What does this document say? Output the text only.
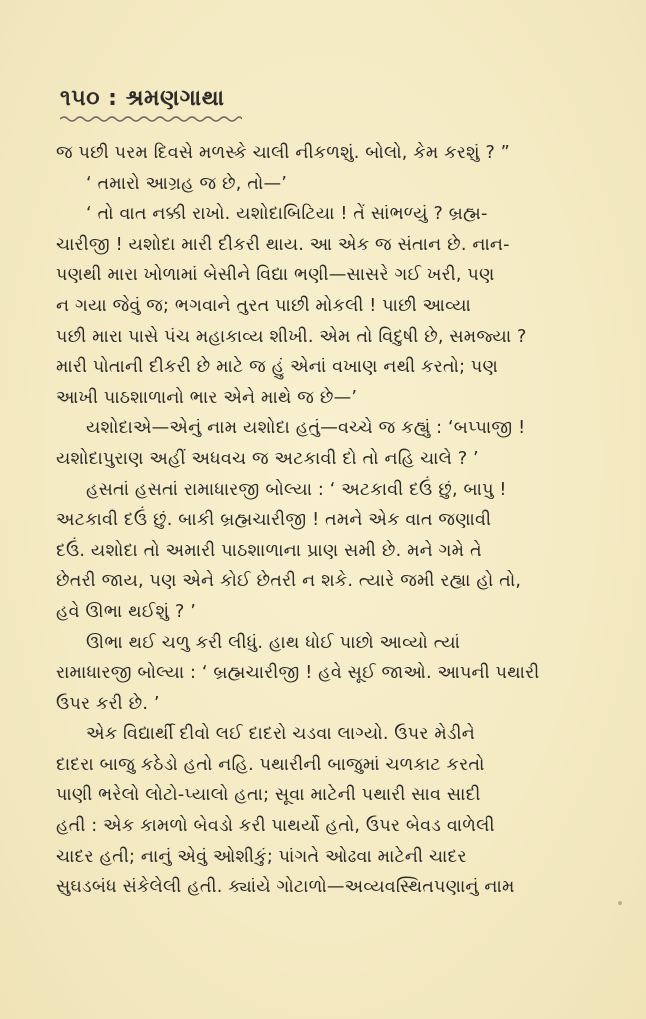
૧૫૦ : શ્રમણગાથા
જ પછી પરમ દિવસે મળસ્કે ચાલી નીકળશું. બોલો, કેમ કરશું ? ”
‘ તમારો આગ્રહ જ છે, તો—’
‘ તો વાત નક્કી રાખો. યશોદાબિટિયા ! તેં સાંભળ્યું ? બ્રહ્મ-
ચારીજી ! યશોદા મારી દીકરી થાય. આ એક જ સંતાન છે. નાન-
પણથી મારા ખોળામાં બેસીને વિદ્યા ભણી—સાસરે ગઈ ખરી, પણ
ન ગયા જેવું જ; ભગવાને તુરત પાછી મોકલી ! પાછી આવ્યા
પછી મારા પાસે પંચ મહાકાવ્ય શીખી. એમ તો વિદુષી છે, સમજ્યા ?
મારી પોતાની દીકરી છે માટે જ હું એનાં વખાણ નથી કરતો; પણ
આખી પાઠશાળાનો ભાર એને માથે જ છે—’
યશોદાએ—એનું નામ યશોદા હતું—વચ્ચે જ કહ્યું : ‘બપ્પાજી !
યશોદાપુરાણ અહીં અધવચ જ અટકાવી દો તો નહિ ચાલે ? ’
હસતાં હસતાં રામાધારજી બોલ્યા : ‘ અટકાવી દઉં છું, બાપુ !
અટકાવી દઉં છું. બાકી બ્રહ્મચારીજી ! તમને એક વાત જણાવી
દઉં. યશોદા તો અમારી પાઠશાળાના પ્રાણ સમી છે. મને ગમે તે
છેતરી જાય, પણ એને કોઈ છેતરી ન શકે. ત્યારે જમી રહ્યા હો તો,
હવે ઊભા થઈશું ? ’
ઊભા થઈ ચળુ કરી લીધું. હાથ ધોઈ પાછો આવ્યો ત્યાં
રામાધારજી બોલ્યા : ‘ બ્રહ્મચારીજી ! હવે સૂઈ જાઓ. આપની પથારી
ઉપર કરી છે. ’
એક વિદ્યાર્થી દીવો લઈ દાદરો ચડવા લાગ્યો. ઉપર મેડીને
દાદરા બાજુ કઠેડો હતો નહિ. પથારીની બાજુમાં ચળકાટ કરતો
પાણી ભરેલો લોટો-પ્યાલો હતા; સૂવા માટેની પથારી સાવ સાદી
હતી : એક કામળો બેવડો કરી પાથર્યો હતો, ઉપર બેવડ વાળેલી
ચાદર હતી; નાનું એવું ઓશીકું; પાંગતે ઓઢવા માટેની ચાદર
સુઘડબંધ સંકેલેલી હતી. ક્યાંયે ગોટાળો—અવ્યવસ્થિતપણાનું નામ
